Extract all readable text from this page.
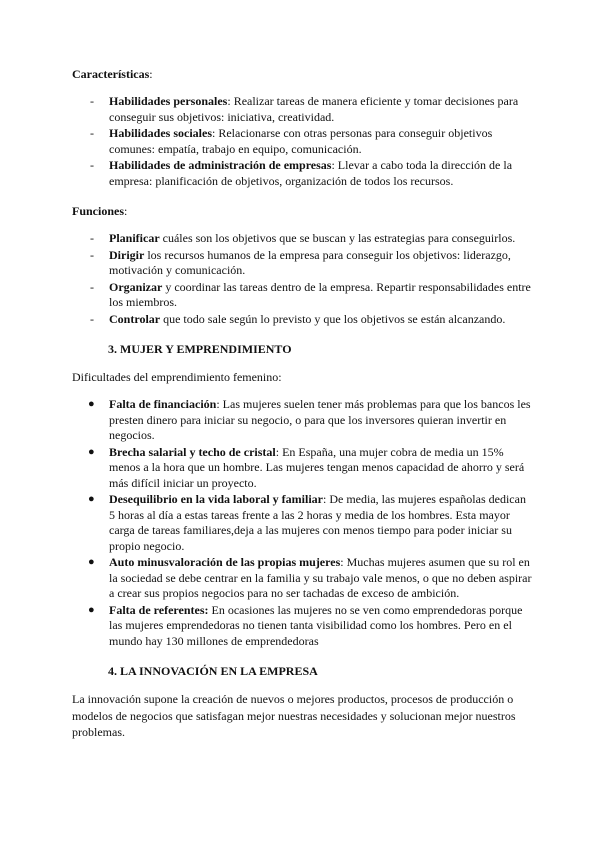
Características:

- Habilidades personales: Realizar tareas de manera eficiente y tomar decisiones para conseguir sus objetivos: iniciativa, creatividad.
- Habilidades sociales: Relacionarse con otras personas para conseguir objetivos comunes: empatía, trabajo en equipo, comunicación.
- Habilidades de administración de empresas: Llevar a cabo toda la dirección de la empresa: planificación de objetivos, organización de todos los recursos.

Funciones:

- Planificar cuáles son los objetivos que se buscan y las estrategias para conseguirlos.
- Dirigir los recursos humanos de la empresa para conseguir los objetivos: liderazgo, motivación y comunicación.
- Organizar y coordinar las tareas dentro de la empresa. Repartir responsabilidades entre los miembros.
- Controlar que todo sale según lo previsto y que los objetivos se están alcanzando.

3. MUJER Y EMPRENDIMIENTO

Dificultades del emprendimiento femenino:

● Falta de financiación: Las mujeres suelen tener más problemas para que los bancos les presten dinero para iniciar su negocio, o para que los inversores quieran invertir en negocios.
● Brecha salarial y techo de cristal: En España, una mujer cobra de media un 15% menos a la hora que un hombre. Las mujeres tengan menos capacidad de ahorro y será más difícil iniciar un proyecto.
● Desequilibrio en la vida laboral y familiar: De media, las mujeres españolas dedican 5 horas al día a estas tareas frente a las 2 horas y media de los hombres. Esta mayor carga de tareas familiares,deja a las mujeres con menos tiempo para poder iniciar su propio negocio.
● Auto minusvaloración de las propias mujeres: Muchas mujeres asumen que su rol en la sociedad se debe centrar en la familia y su trabajo vale menos, o que no deben aspirar a crear sus propios negocios para no ser tachadas de exceso de ambición.
● Falta de referentes: En ocasiones las mujeres no se ven como emprendedoras porque las mujeres emprendedoras no tienen tanta visibilidad como los hombres. Pero en el mundo hay 130 millones de emprendedoras

4. LA INNOVACIÓN EN LA EMPRESA

La innovación supone la creación de nuevos o mejores productos, procesos de producción o modelos de negocios que satisfagan mejor nuestras necesidades y solucionan mejor nuestros problemas.
